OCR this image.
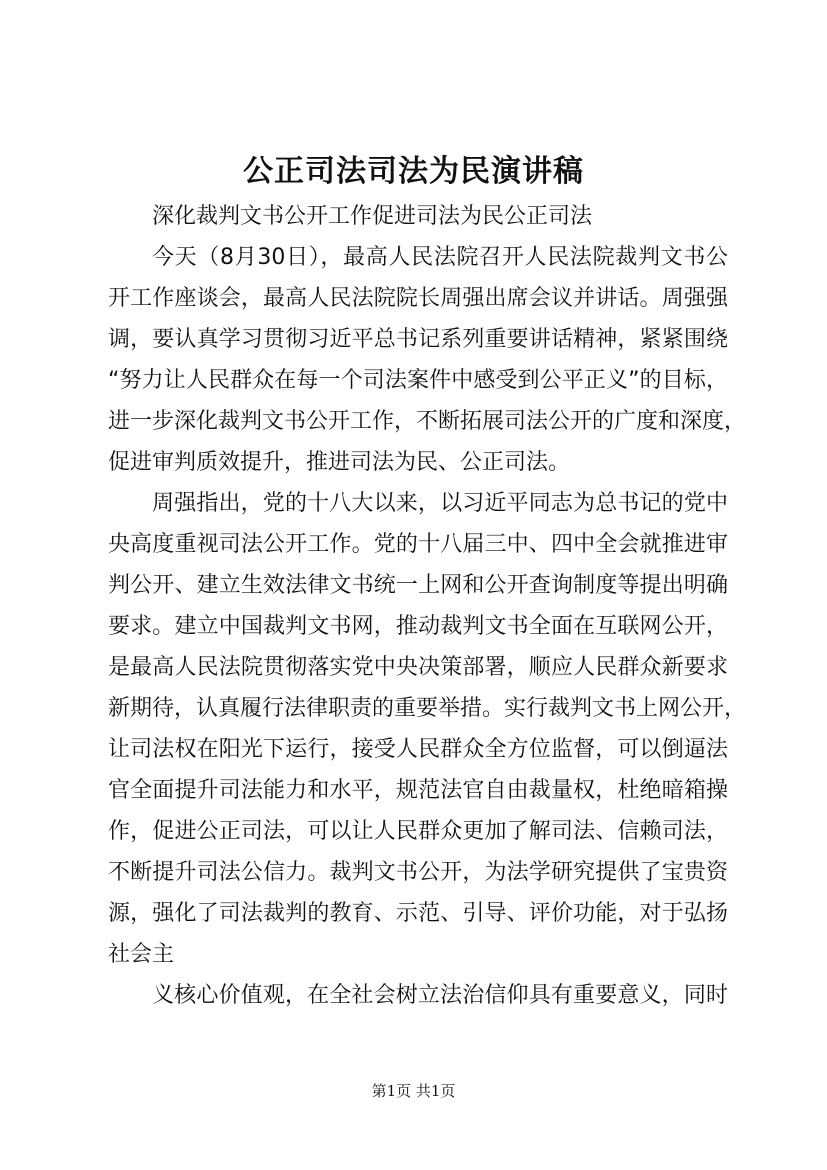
公正司法司法为民演讲稿
深化裁判文书公开工作促进司法为民公正司法
今天（8月30日），最高人民法院召开人民法院裁判文书公
开工作座谈会，最高人民法院院长周强出席会议并讲话。周强强
调，要认真学习贯彻习近平总书记系列重要讲话精神，紧紧围绕
“努力让人民群众在每一个司法案件中感受到公平正义”的目标，
进一步深化裁判文书公开工作，不断拓展司法公开的广度和深度，
促进审判质效提升，推进司法为民、公正司法。
周强指出，党的十八大以来，以习近平同志为总书记的党中
央高度重视司法公开工作。党的十八届三中、四中全会就推进审
判公开、建立生效法律文书统一上网和公开查询制度等提出明确
要求。建立中国裁判文书网，推动裁判文书全面在互联网公开，
是最高人民法院贯彻落实党中央决策部署，顺应人民群众新要求
新期待，认真履行法律职责的重要举措。实行裁判文书上网公开，
让司法权在阳光下运行，接受人民群众全方位监督，可以倒逼法
官全面提升司法能力和水平，规范法官自由裁量权，杜绝暗箱操
作，促进公正司法，可以让人民群众更加了解司法、信赖司法，
不断提升司法公信力。裁判文书公开，为法学研究提供了宝贵资
源，强化了司法裁判的教育、示范、引导、评价功能，对于弘扬
社会主
义核心价值观，在全社会树立法治信仰具有重要意义，同时
第1页 共1页
